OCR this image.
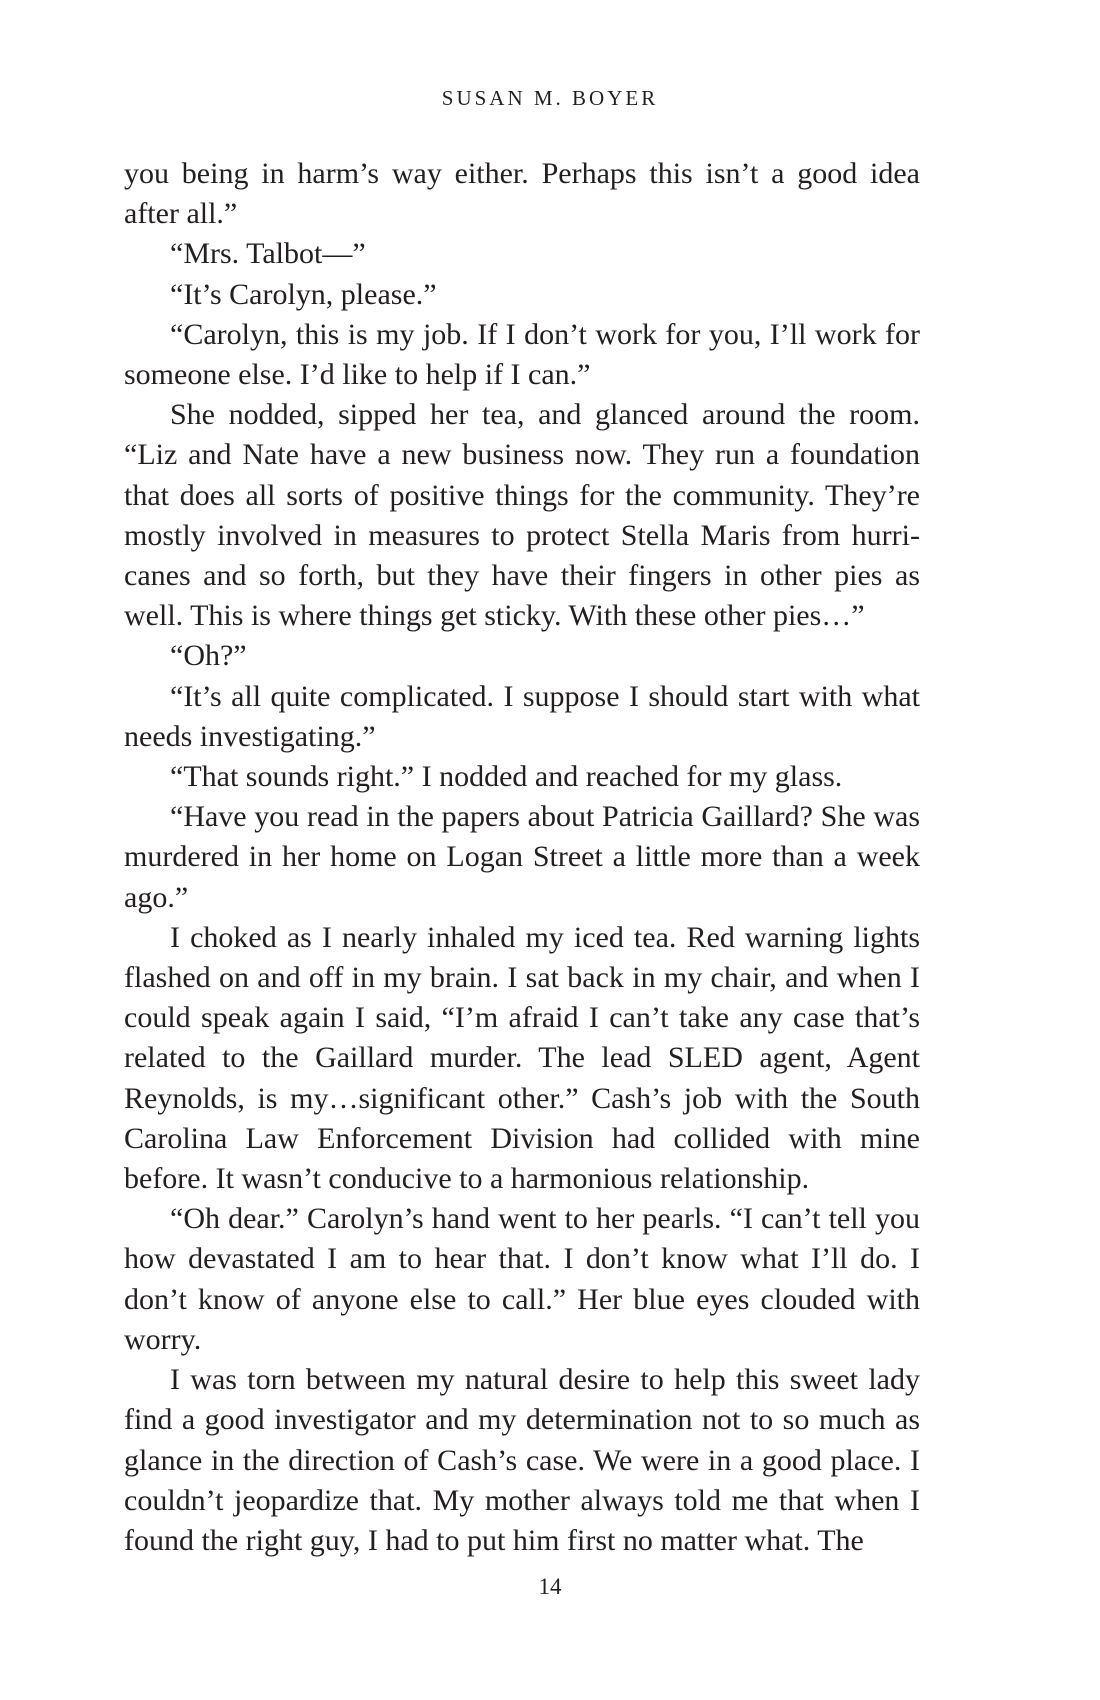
SUSAN M. BOYER

you being in harm’s way either. Perhaps this isn’t a good idea after all.”

“Mrs. Talbot—”

“It’s Carolyn, please.”

“Carolyn, this is my job. If I don’t work for you, I’ll work for someone else. I’d like to help if I can.”

She nodded, sipped her tea, and glanced around the room. “Liz and Nate have a new business now. They run a foundation that does all sorts of positive things for the community. They’re mostly involved in measures to protect Stella Maris from hurricanes and so forth, but they have their fingers in other pies as well. This is where things get sticky. With these other pies…”

“Oh?”

“It’s all quite complicated. I suppose I should start with what needs investigating.”

“That sounds right.” I nodded and reached for my glass.

“Have you read in the papers about Patricia Gaillard? She was murdered in her home on Logan Street a little more than a week ago.”

I choked as I nearly inhaled my iced tea. Red warning lights flashed on and off in my brain. I sat back in my chair, and when I could speak again I said, “I’m afraid I can’t take any case that’s related to the Gaillard murder. The lead SLED agent, Agent Reynolds, is my…significant other.” Cash’s job with the South Carolina Law Enforcement Division had collided with mine before. It wasn’t conducive to a harmonious relationship.

“Oh dear.” Carolyn’s hand went to her pearls. “I can’t tell you how devastated I am to hear that. I don’t know what I’ll do. I don’t know of anyone else to call.” Her blue eyes clouded with worry.

I was torn between my natural desire to help this sweet lady find a good investigator and my determination not to so much as glance in the direction of Cash’s case. We were in a good place. I couldn’t jeopardize that. My mother always told me that when I found the right guy, I had to put him first no matter what. The

14
